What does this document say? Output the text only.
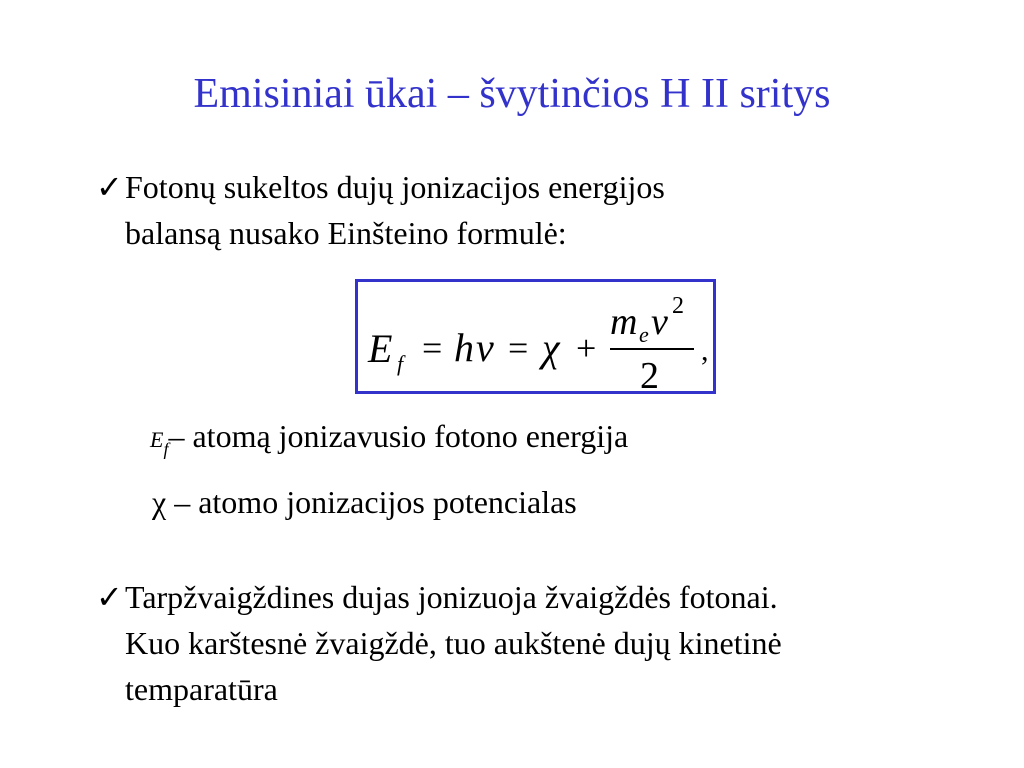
Emisiniai ūkai – švytinčios H II sritys
✓ Fotonų sukeltos dujų jonizacijos energijos
balansą nusako Einšteino formulė:
E f = h ν = χ +
m e v 2
2
,
$E_f-$ atomą jonizavusio fotono energija
χ – atomo jonizacijos potencialas
✓ Tarpžvaigždines dujas jonizuoja žvaigždės fotonai.
Kuo karštesnė žvaigždė, tuo aukštenė dujų kinetinė
temparatūra
